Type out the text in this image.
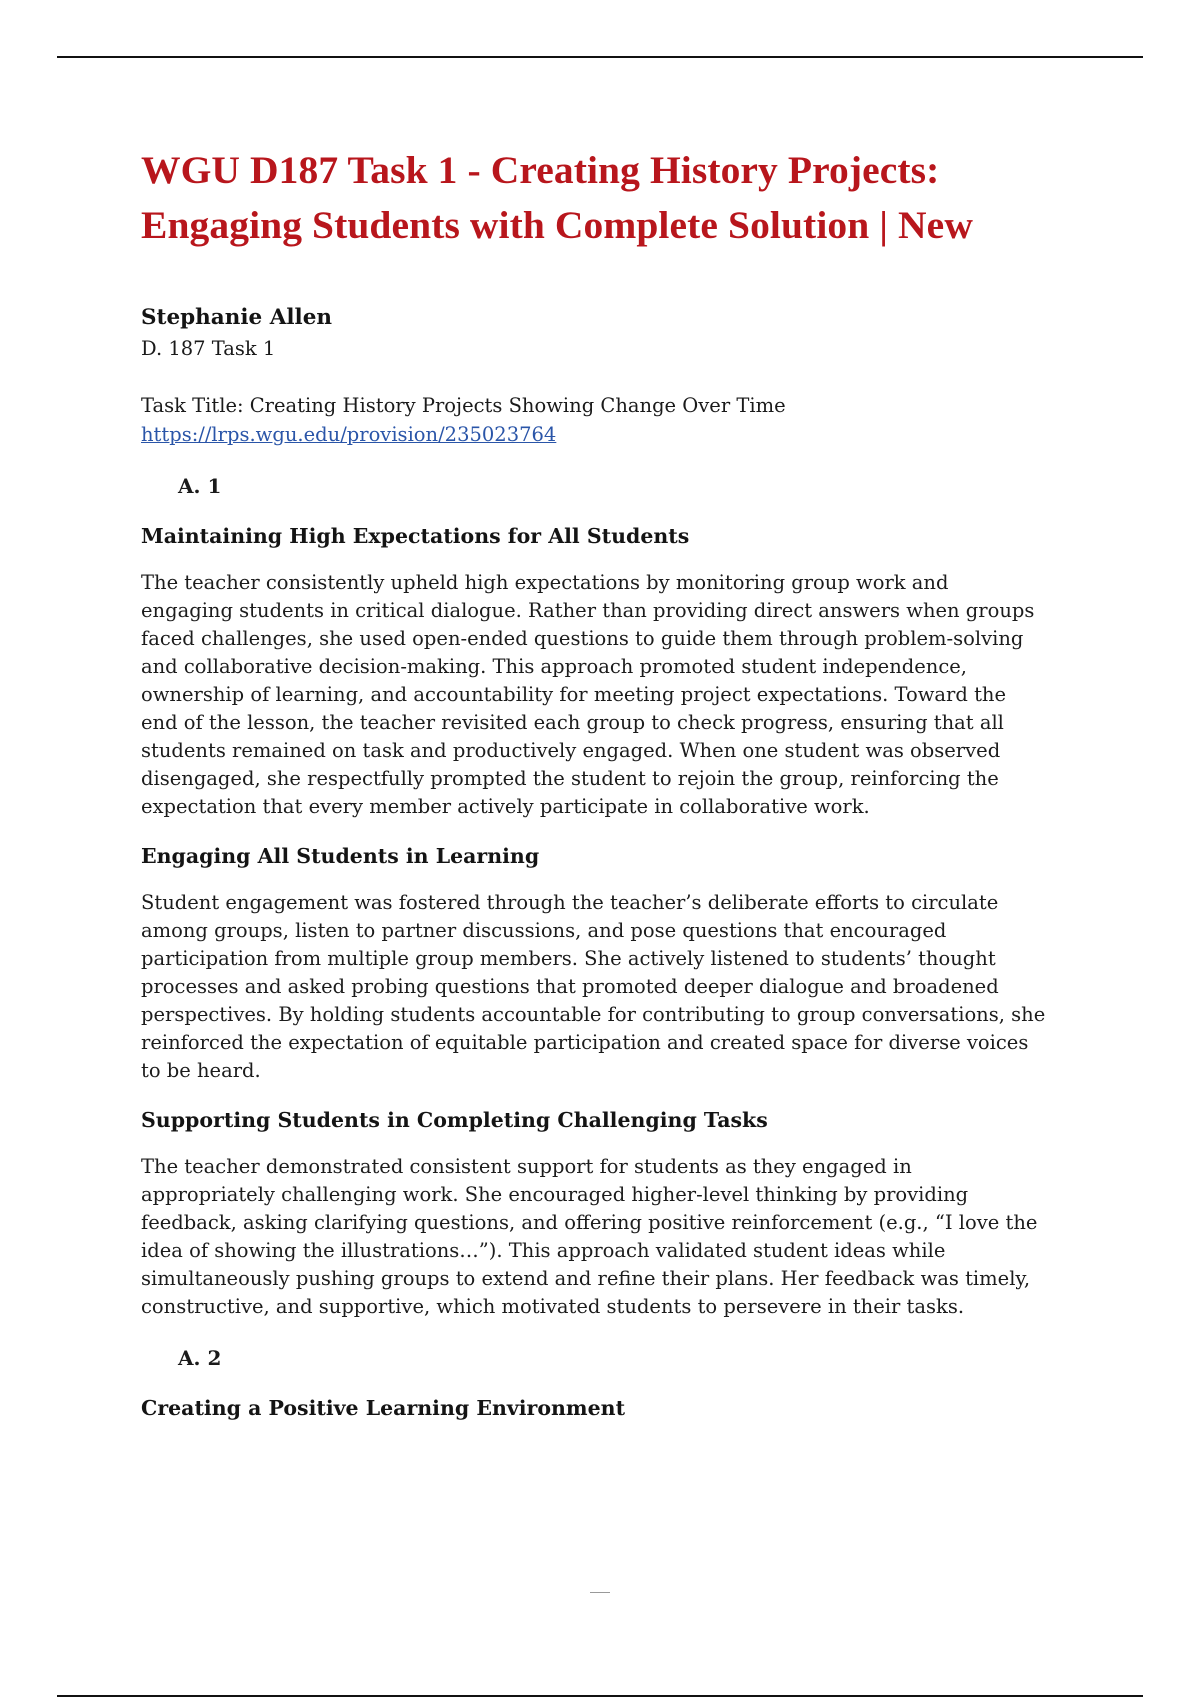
WGU D187 Task 1 - Creating History Projects: Engaging Students with Complete Solution | New

Stephanie Allen

D. 187 Task 1

Task Title: Creating History Projects Showing Change Over Time

https://lrps.wgu.edu/provision/235023764

A. 1

Maintaining High Expectations for All Students

The teacher consistently upheld high expectations by monitoring group work and engaging students in critical dialogue. Rather than providing direct answers when groups faced challenges, she used open-ended questions to guide them through problem-solving and collaborative decision-making. This approach promoted student independence, ownership of learning, and accountability for meeting project expectations. Toward the end of the lesson, the teacher revisited each group to check progress, ensuring that all students remained on task and productively engaged. When one student was observed disengaged, she respectfully prompted the student to rejoin the group, reinforcing the expectation that every member actively participate in collaborative work.

Engaging All Students in Learning

Student engagement was fostered through the teacher’s deliberate efforts to circulate among groups, listen to partner discussions, and pose questions that encouraged participation from multiple group members. She actively listened to students’ thought processes and asked probing questions that promoted deeper dialogue and broadened perspectives. By holding students accountable for contributing to group conversations, she reinforced the expectation of equitable participation and created space for diverse voices to be heard.

Supporting Students in Completing Challenging Tasks

The teacher demonstrated consistent support for students as they engaged in appropriately challenging work. She encouraged higher-level thinking by providing feedback, asking clarifying questions, and offering positive reinforcement (e.g., “I love the idea of showing the illustrations…”). This approach validated student ideas while simultaneously pushing groups to extend and refine their plans. Her feedback was timely, constructive, and supportive, which motivated students to persevere in their tasks.

A. 2

Creating a Positive Learning Environment
